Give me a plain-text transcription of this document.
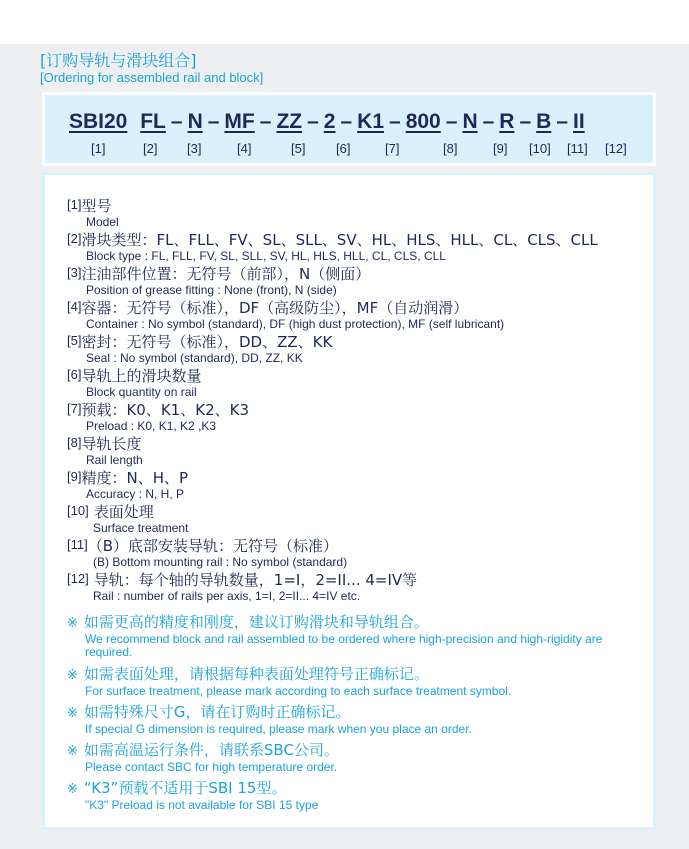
[订购导轨与滑块组合]
[Ordering for assembled rail and block]
SBI20 FL – N – MF – ZZ – 2 – K1 – 800 – N – R – B – II
[1]	[2] [3]	[4]	[5] [6]	[7]	[8]	[9] [10] [11] [12]
[1]型号
Model
[2]滑块类型：FL、FLL、FV、SL、SLL、SV、HL、HLS、HLL、CL、CLS、CLL
Block type : FL, FLL, FV, SL, SLL, SV, HL, HLS, HLL, CL, CLS, CLL
[3]注油部件位置：无符号（前部），N（侧面）
Position of grease fitting : None (front), N (side)
[4]容器：无符号（标准），DF（高级防尘），MF（自动润滑）
Container : No symbol (standard), DF (high dust protection), MF (self lubricant)
[5]密封：无符号（标准），DD、ZZ、KK
Seal : No symbol (standard), DD, ZZ, KK
[6]导轨上的滑块数量
Block quantity on rail
[7]预载：K0、K1、K2、K3
Preload : K0, K1, K2 ,K3
[8]导轨长度
Rail length
[9]精度：N、H、P
Accuracy : N, H, P
[10] 表面处理
Surface treatment
[11]（B）底部安装导轨：无符号（标准）
(B) Bottom mounting rail : No symbol (standard)
[12] 导轨：每个轴的导轨数量，1=I，2=II... 4=IV等
Rail : number of rails per axis, 1=I, 2=II... 4=IV etc.
※ 如需更高的精度和刚度，建议订购滑块和导轨组合。
We recommend block and rail assembled to be ordered where high-precision and high-rigidity are required.
※ 如需表面处理，请根据每种表面处理符号正确标记。
For surface treatment, please mark according to each surface treatment symbol.
※ 如需特殊尺寸G，请在订购时正确标记。
If special G dimension is required, please mark when you place an order.
※ 如需高温运行条件，请联系SBC公司。
Please contact SBC for high temperature order.
※ “K3”预载不适用于SBI 15型。
"K3" Preload is not available for SBI 15 type
